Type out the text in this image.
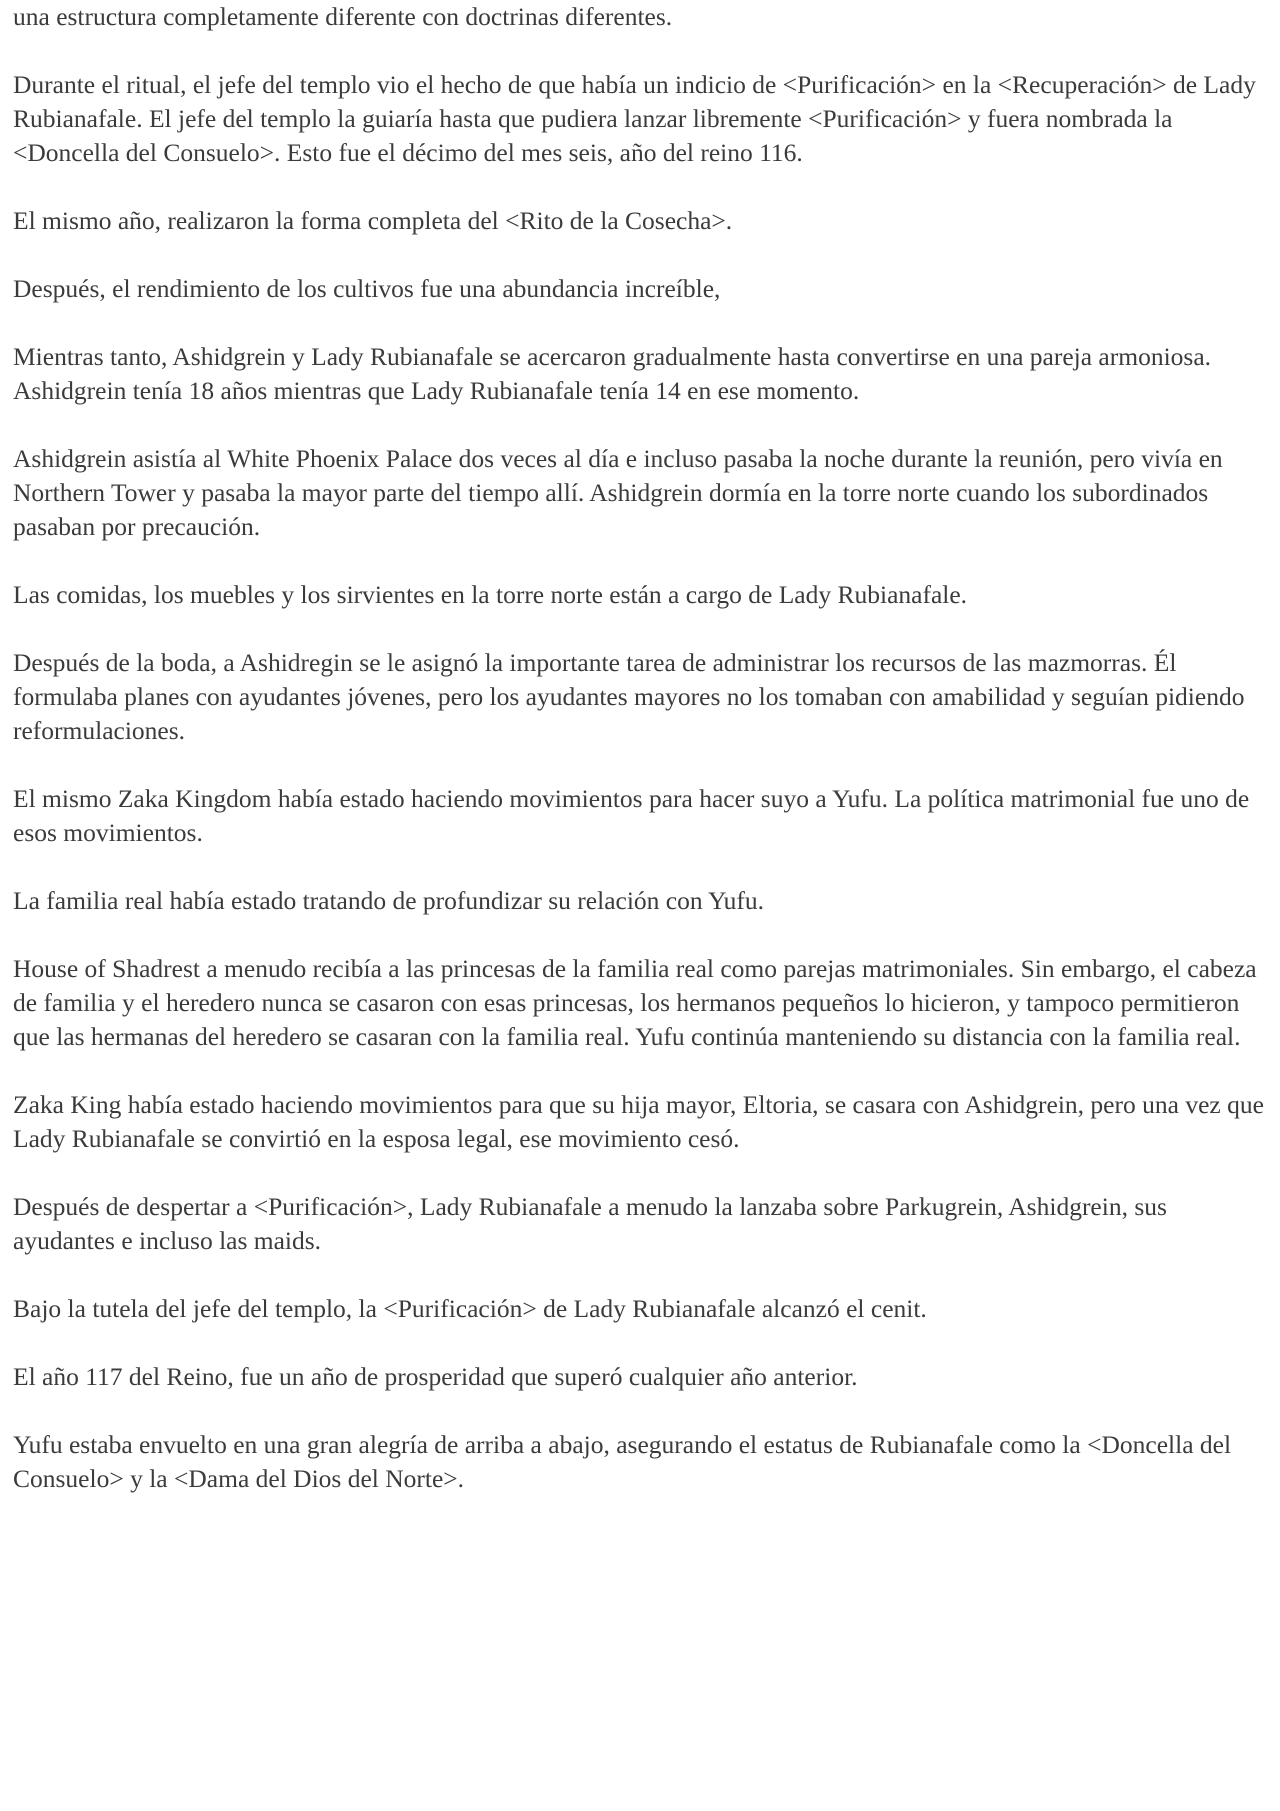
una estructura completamente diferente con doctrinas diferentes.

Durante el ritual, el jefe del templo vio el hecho de que había un indicio de <Purificación> en la <Recuperación> de Lady Rubianafale. El jefe del templo la guiaría hasta que pudiera lanzar libremente <Purificación> y fuera nombrada la <Doncella del Consuelo>. Esto fue el décimo del mes seis, año del reino 116.

El mismo año, realizaron la forma completa del <Rito de la Cosecha>.

Después, el rendimiento de los cultivos fue una abundancia increíble,

Mientras tanto, Ashidgrein y Lady Rubianafale se acercaron gradualmente hasta convertirse en una pareja armoniosa. Ashidgrein tenía 18 años mientras que Lady Rubianafale tenía 14 en ese momento.

Ashidgrein asistía al White Phoenix Palace dos veces al día e incluso pasaba la noche durante la reunión, pero vivía en Northern Tower y pasaba la mayor parte del tiempo allí. Ashidgrein dormía en la torre norte cuando los subordinados pasaban por precaución.

Las comidas, los muebles y los sirvientes en la torre norte están a cargo de Lady Rubianafale.

Después de la boda, a Ashidregin se le asignó la importante tarea de administrar los recursos de las mazmorras. Él formulaba planes con ayudantes jóvenes, pero los ayudantes mayores no los tomaban con amabilidad y seguían pidiendo reformulaciones.

El mismo Zaka Kingdom había estado haciendo movimientos para hacer suyo a Yufu. La política matrimonial fue uno de esos movimientos.

La familia real había estado tratando de profundizar su relación con Yufu.

House of Shadrest a menudo recibía a las princesas de la familia real como parejas matrimoniales. Sin embargo, el cabeza de familia y el heredero nunca se casaron con esas princesas, los hermanos pequeños lo hicieron, y tampoco permitieron que las hermanas del heredero se casaran con la familia real. Yufu continúa manteniendo su distancia con la familia real.

Zaka King había estado haciendo movimientos para que su hija mayor, Eltoria, se casara con Ashidgrein, pero una vez que Lady Rubianafale se convirtió en la esposa legal, ese movimiento cesó.

Después de despertar a <Purificación>, Lady Rubianafale a menudo la lanzaba sobre Parkugrein, Ashidgrein, sus ayudantes e incluso las maids.

Bajo la tutela del jefe del templo, la <Purificación> de Lady Rubianafale alcanzó el cenit.

El año 117 del Reino, fue un año de prosperidad que superó cualquier año anterior.

Yufu estaba envuelto en una gran alegría de arriba a abajo, asegurando el estatus de Rubianafale como la <Doncella del Consuelo> y la <Dama del Dios del Norte>.
